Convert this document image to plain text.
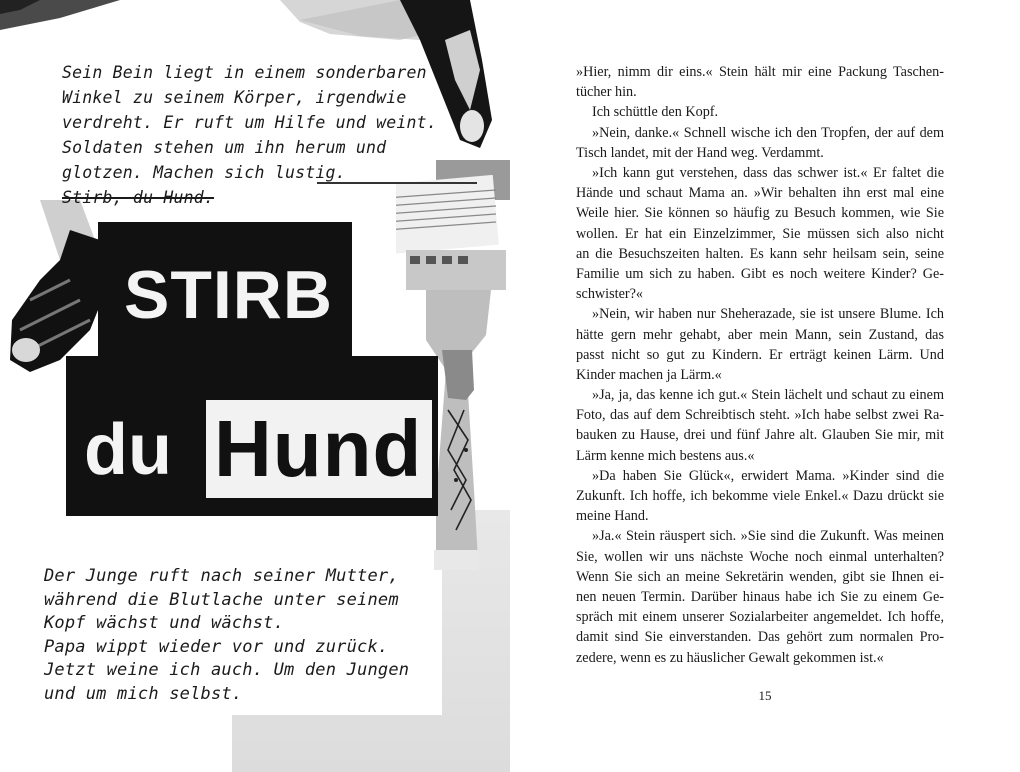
Sein Bein liegt in einem sonderbaren
Winkel zu seinem Körper, irgendwie
verdreht. Er ruft um Hilfe und weint.
Soldaten stehen um ihn herum und
glotzen. Machen sich lustig.
Stirb, du Hund.

STIRB

du Hund

Der Junge ruft nach seiner Mutter,
während die Blutlache unter seinem
Kopf wächst und wächst.
Papa wippt wieder vor und zurück.
Jetzt weine ich auch. Um den Jungen
und um mich selbst.
»Hier, nimm dir eins.« Stein hält mir eine Packung Taschen-
tücher hin.
Ich schüttle den Kopf.
»Nein, danke.« Schnell wische ich den Tropfen, der auf dem
Tisch landet, mit der Hand weg. Verdammt.
»Ich kann gut verstehen, dass das schwer ist.« Er faltet die
Hände und schaut Mama an. »Wir behalten ihn erst mal eine
Weile hier. Sie können so häufig zu Besuch kommen, wie Sie
wollen. Er hat ein Einzelzimmer, Sie müssen sich also nicht
an die Besuchszeiten halten. Es kann sehr heilsam sein, seine
Familie um sich zu haben. Gibt es noch weitere Kinder? Ge-
schwister?«
»Nein, wir haben nur Sheherazade, sie ist unsere Blume. Ich
hätte gern mehr gehabt, aber mein Mann, sein Zustand, das
passt nicht so gut zu Kindern. Er erträgt keinen Lärm. Und
Kinder machen ja Lärm.«
»Ja, ja, das kenne ich gut.« Stein lächelt und schaut zu einem
Foto, das auf dem Schreibtisch steht. »Ich habe selbst zwei Ra-
bauken zu Hause, drei und fünf Jahre alt. Glauben Sie mir, mit
Lärm kenne mich bestens aus.«
»Da haben Sie Glück«, erwidert Mama. »Kinder sind die
Zukunft. Ich hoffe, ich bekomme viele Enkel.« Dazu drückt sie
meine Hand.
»Ja.« Stein räuspert sich. »Sie sind die Zukunft. Was meinen
Sie, wollen wir uns nächste Woche noch einmal unterhalten?
Wenn Sie sich an meine Sekretärin wenden, gibt sie Ihnen ei-
nen neuen Termin. Darüber hinaus habe ich Sie zu einem Ge-
spräch mit einem unserer Sozialarbeiter angemeldet. Ich hoffe,
damit sind Sie einverstanden. Das gehört zum normalen Pro-
zedere, wenn es zu häuslicher Gewalt gekommen ist.«
15
